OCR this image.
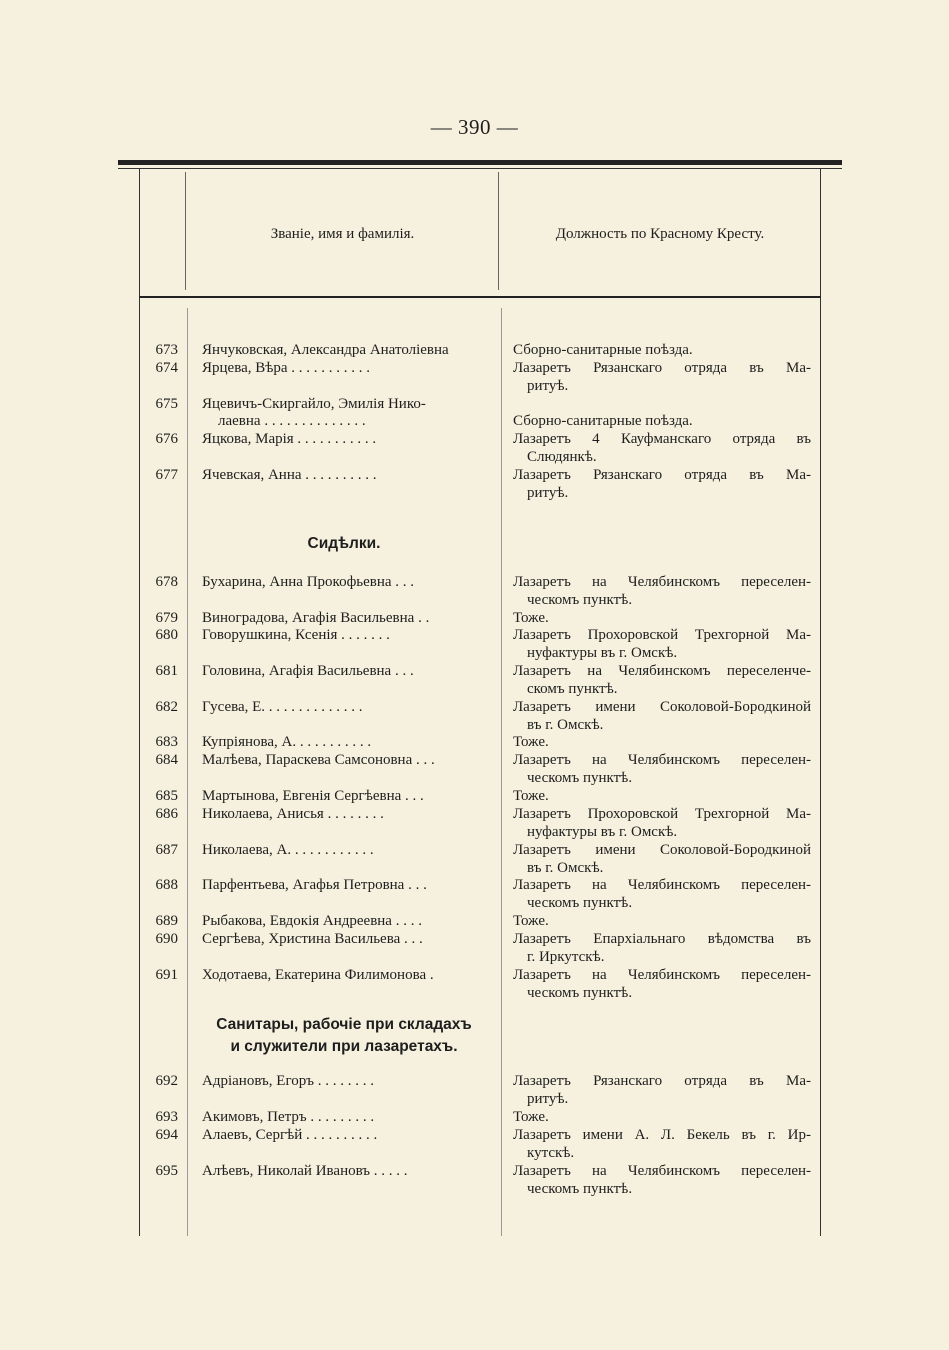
— 390 —
Званіе, имя и фамилія.	Должность по Красному Кресту.
673 Янчуковская, Александра Анатоліевна	Сборно-санитарные поѣзда.
674 Ярцева, Вѣра . . . . . . . . . . .	Лазаретъ Рязанскаго отряда въ Ма-
ритуѣ.
675 Яцевичъ-Скиргайло, Эмилія Нико-
лаевна . . . . . . . . . . . . . .	Сборно-санитарные поѣзда.
676 Яцкова, Марія . . . . . . . . . . .	Лазаретъ 4 Кауфманскаго отряда въ
Слюдянкѣ.
677 Ячевская, Анна . . . . . . . . . .	Лазаретъ Рязанскаго отряда въ Ма-
ритуѣ.
Сидѣлки.
678 Бухарина, Анна Прокофьевна . . .	Лазаретъ на Челябинскомъ переселен-
ческомъ пунктѣ.
679 Виноградова, Агафія Васильевна . .	Тоже.
680 Говорушкина, Ксенія . . . . . . .	Лазаретъ Прохоровской Трехгорной Ма-
нуфактуры въ г. Омскѣ.
681 Головина, Агафія Васильевна . . .	Лазаретъ на Челябинскомъ переселенче-
скомъ пунктѣ.
682 Гусева, Е. . . . . . . . . . . . . .	Лазаретъ имени Соколовой-Бородкиной
въ г. Омскѣ.
683 Купріянова, А. . . . . . . . . . .	Тоже.
684 Малѣева, Параскева Самсоновна . . .	Лазаретъ на Челябинскомъ переселен-
ческомъ пунктѣ.
685 Мартынова, Евгенія Сергѣевна . . .	Тоже.
686 Николаева, Анисья . . . . . . . .	Лазаретъ Прохоровской Трехгорной Ма-
нуфактуры въ г. Омскѣ.
687 Николаева, А. . . . . . . . . . . .	Лазаретъ имени Соколовой-Бородкиной
въ г. Омскѣ.
688 Парфентьева, Агафья Петровна . . .	Лазаретъ на Челябинскомъ переселен-
ческомъ пунктѣ.
689 Рыбакова, Евдокія Андреевна . . . .	Тоже.
690 Сергѣева, Христина Васильева . . .	Лазаретъ Епархіальнаго вѣдомства въ
г. Иркутскѣ.
691 Ходотаева, Екатерина Филимонова .	Лазаретъ на Челябинскомъ переселен-
ческомъ пунктѣ.
Санитары, рабочіе при складахъ
и служители при лазаретахъ.
692 Адріановъ, Егоръ . . . . . . . .	Лазаретъ Рязанскаго отряда въ Ма-
ритуѣ.
693 Акимовъ, Петръ . . . . . . . . .	Тоже.
694 Алаевъ, Сергѣй . . . . . . . . . .	Лазаретъ имени А. Л. Бекель въ г. Ир-
кутскѣ.
695 Алѣевъ, Николай Ивановъ . . . . .	Лазаретъ на Челябинскомъ переселен-
ческомъ пунктѣ.
